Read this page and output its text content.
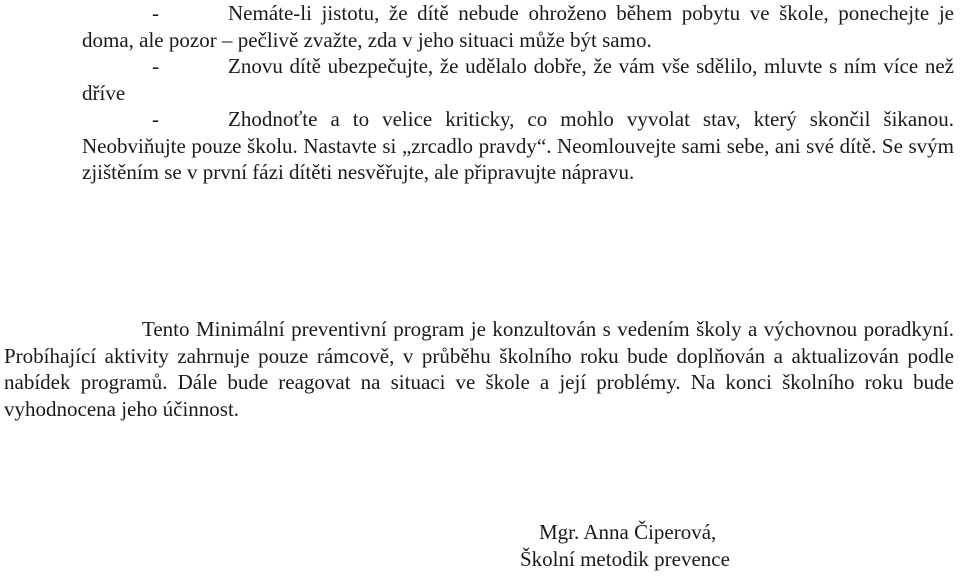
-	Nemáte-li jistotu, že dítě nebude ohroženo během pobytu ve škole, ponechejte je doma, ale pozor – pečlivě zvažte, zda v jeho situaci může být samo.

-	Znovu dítě ubezpečujte, že udělalo dobře, že vám vše sdělilo, mluvte s ním více než dříve

-	Zhodnoťte a to velice kriticky, co mohlo vyvolat stav, který skončil šikanou. Neobviňujte pouze školu. Nastavte si „zrcadlo pravdy“. Neomlouvejte sami sebe, ani své dítě. Se svým zjištěním se v první fázi dítěti nesvěřujte, ale připravujte nápravu.

Tento Minimální preventivní program je konzultován s vedením školy a výchovnou poradkyní. Probíhající aktivity zahrnuje pouze rámcově, v průběhu školního roku bude doplňován a aktualizován podle nabídek programů. Dále bude reagovat na situaci ve škole a její problémy. Na konci školního roku bude vyhodnocena jeho účinnost.

Mgr. Anna Čiperová,
Školní metodik prevence
